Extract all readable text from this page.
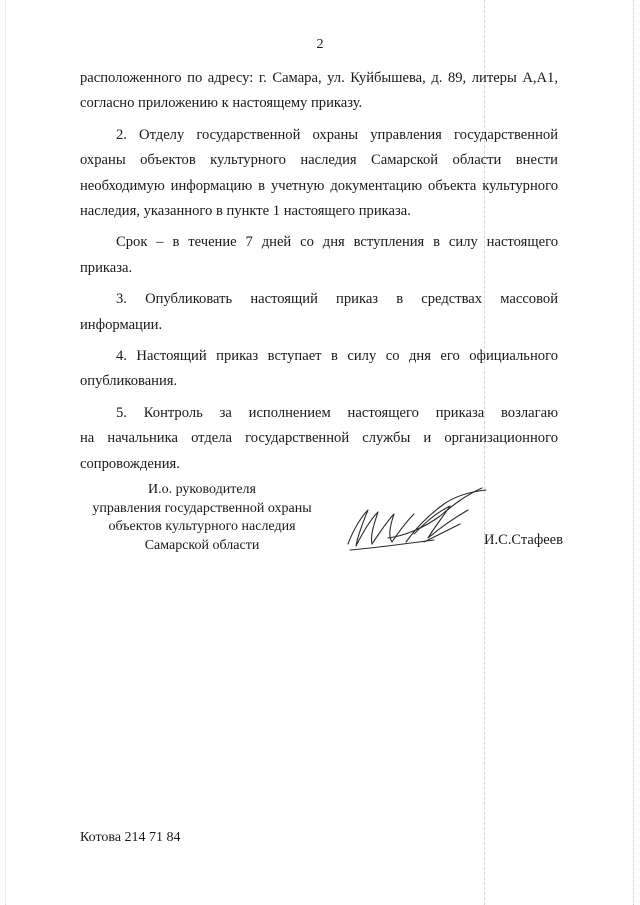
2

расположенного по адресу: г. Самара, ул. Куйбышева, д. 89, литеры А,А1,

согласно приложению к настоящему приказу.

2. Отделу государственной охраны управления государственной

охраны объектов культурного наследия Самарской области внести

необходимую информацию в учетную документацию объекта культурного

наследия, указанного в пункте 1 настоящего приказа.

Срок – в течение 7 дней со дня вступления в силу настоящего

приказа.

3. Опубликовать настоящий приказ в средствах массовой

информации.

4. Настоящий приказ вступает в силу со дня его официального

опубликования.

5. Контроль за исполнением настоящего приказа возлагаю

на начальника отдела государственной службы и организационного

сопровождения.

И.о. руководителя
управления государственной охраны
объектов культурного наследия
Самарской области	И.С.Стафеев
Котова 214 71 84
